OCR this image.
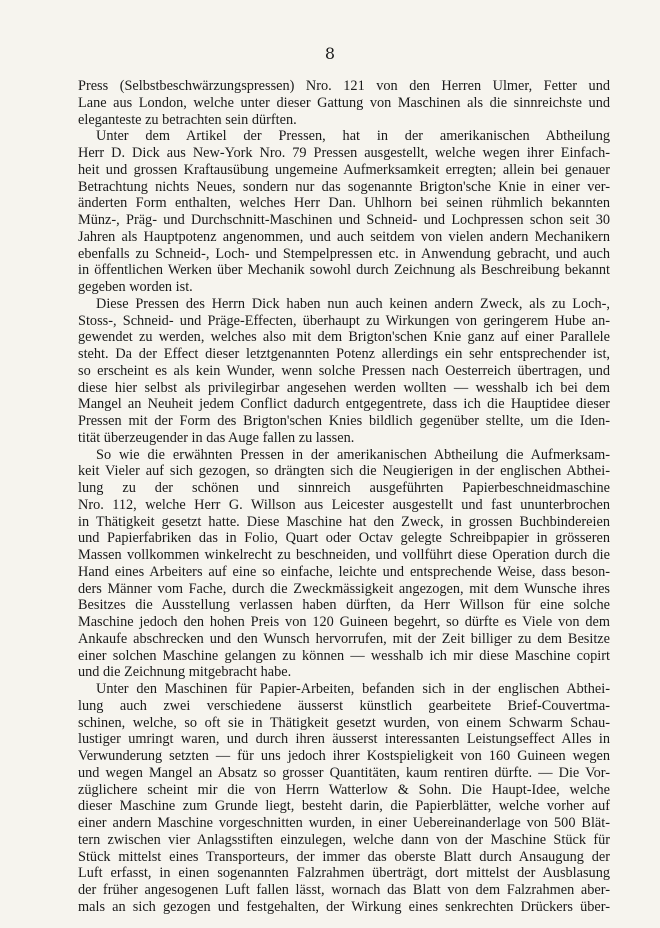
8
Press (Selbstbeschwärzungspressen) Nro. 121 von den Herren Ulmer, Fetter und
Lane aus London, welche unter dieser Gattung von Maschinen als die sinnreichste und
eleganteste zu betrachten sein dürften.
Unter dem Artikel der Pressen, hat in der amerikanischen Abtheilung
Herr D. Dick aus New-York Nro. 79 Pressen ausgestellt, welche wegen ihrer Einfach-
heit und grossen Kraftausübung ungemeine Aufmerksamkeit erregten; allein bei genauer
Betrachtung nichts Neues, sondern nur das sogenannte Brigton'sche Knie in einer ver-
änderten Form enthalten, welches Herr Dan. Uhlhorn bei seinen rühmlich bekannten
Münz-, Präg- und Durchschnitt-Maschinen und Schneid- und Lochpressen schon seit 30
Jahren als Hauptpotenz angenommen, und auch seitdem von vielen andern Mechanikern
ebenfalls zu Schneid-, Loch- und Stempelpressen etc. in Anwendung gebracht, und auch
in öffentlichen Werken über Mechanik sowohl durch Zeichnung als Beschreibung bekannt
gegeben worden ist.
Diese Pressen des Herrn Dick haben nun auch keinen andern Zweck, als zu Loch-,
Stoss-, Schneid- und Präge-Effecten, überhaupt zu Wirkungen von geringerem Hube an-
gewendet zu werden, welches also mit dem Brigton'schen Knie ganz auf einer Parallele
steht. Da der Effect dieser letztgenannten Potenz allerdings ein sehr entsprechender ist,
so erscheint es als kein Wunder, wenn solche Pressen nach Oesterreich übertragen, und
diese hier selbst als privilegirbar angesehen werden wollten — wesshalb ich bei dem
Mangel an Neuheit jedem Conflict dadurch entgegentrete, dass ich die Hauptidee dieser
Pressen mit der Form des Brigton'schen Knies bildlich gegenüber stellte, um die Iden-
tität überzeugender in das Auge fallen zu lassen.
So wie die erwähnten Pressen in der amerikanischen Abtheilung die Aufmerksam-
keit Vieler auf sich gezogen, so drängten sich die Neugierigen in der englischen Abthei-
lung zu der schönen und sinnreich ausgeführten Papierbeschneidmaschine
Nro. 112, welche Herr G. Willson aus Leicester ausgestellt und fast ununterbrochen
in Thätigkeit gesetzt hatte. Diese Maschine hat den Zweck, in grossen Buchbindereien
und Papierfabriken das in Folio, Quart oder Octav gelegte Schreibpapier in grösseren
Massen vollkommen winkelrecht zu beschneiden, und vollführt diese Operation durch die
Hand eines Arbeiters auf eine so einfache, leichte und entsprechende Weise, dass beson-
ders Männer vom Fache, durch die Zweckmässigkeit angezogen, mit dem Wunsche ihres
Besitzes die Ausstellung verlassen haben dürften, da Herr Willson für eine solche
Maschine jedoch den hohen Preis von 120 Guineen begehrt, so dürfte es Viele von dem
Ankaufe abschrecken und den Wunsch hervorrufen, mit der Zeit billiger zu dem Besitze
einer solchen Maschine gelangen zu können — wesshalb ich mir diese Maschine copirt
und die Zeichnung mitgebracht habe.
Unter den Maschinen für Papier-Arbeiten, befanden sich in der englischen Abthei-
lung auch zwei verschiedene äusserst künstlich gearbeitete Brief-Couvertma-
schinen, welche, so oft sie in Thätigkeit gesetzt wurden, von einem Schwarm Schau-
lustiger umringt waren, und durch ihren äusserst interessanten Leistungseffect Alles in
Verwunderung setzten — für uns jedoch ihrer Kostspieligkeit von 160 Guineen wegen
und wegen Mangel an Absatz so grosser Quantitäten, kaum rentiren dürfte. — Die Vor-
züglichere scheint mir die von Herrn Watterlow & Sohn. Die Haupt-Idee, welche
dieser Maschine zum Grunde liegt, besteht darin, die Papierblätter, welche vorher auf
einer andern Maschine vorgeschnitten wurden, in einer Uebereinanderlage von 500 Blät-
tern zwischen vier Anlagsstiften einzulegen, welche dann von der Maschine Stück für
Stück mittelst eines Transporteurs, der immer das oberste Blatt durch Ansaugung der
Luft erfasst, in einen sogenannten Falzrahmen überträgt, dort mittelst der Ausblasung
der früher angesogenen Luft fallen lässt, wornach das Blatt von dem Falzrahmen aber-
mals an sich gezogen und festgehalten, der Wirkung eines senkrechten Drückers über-
